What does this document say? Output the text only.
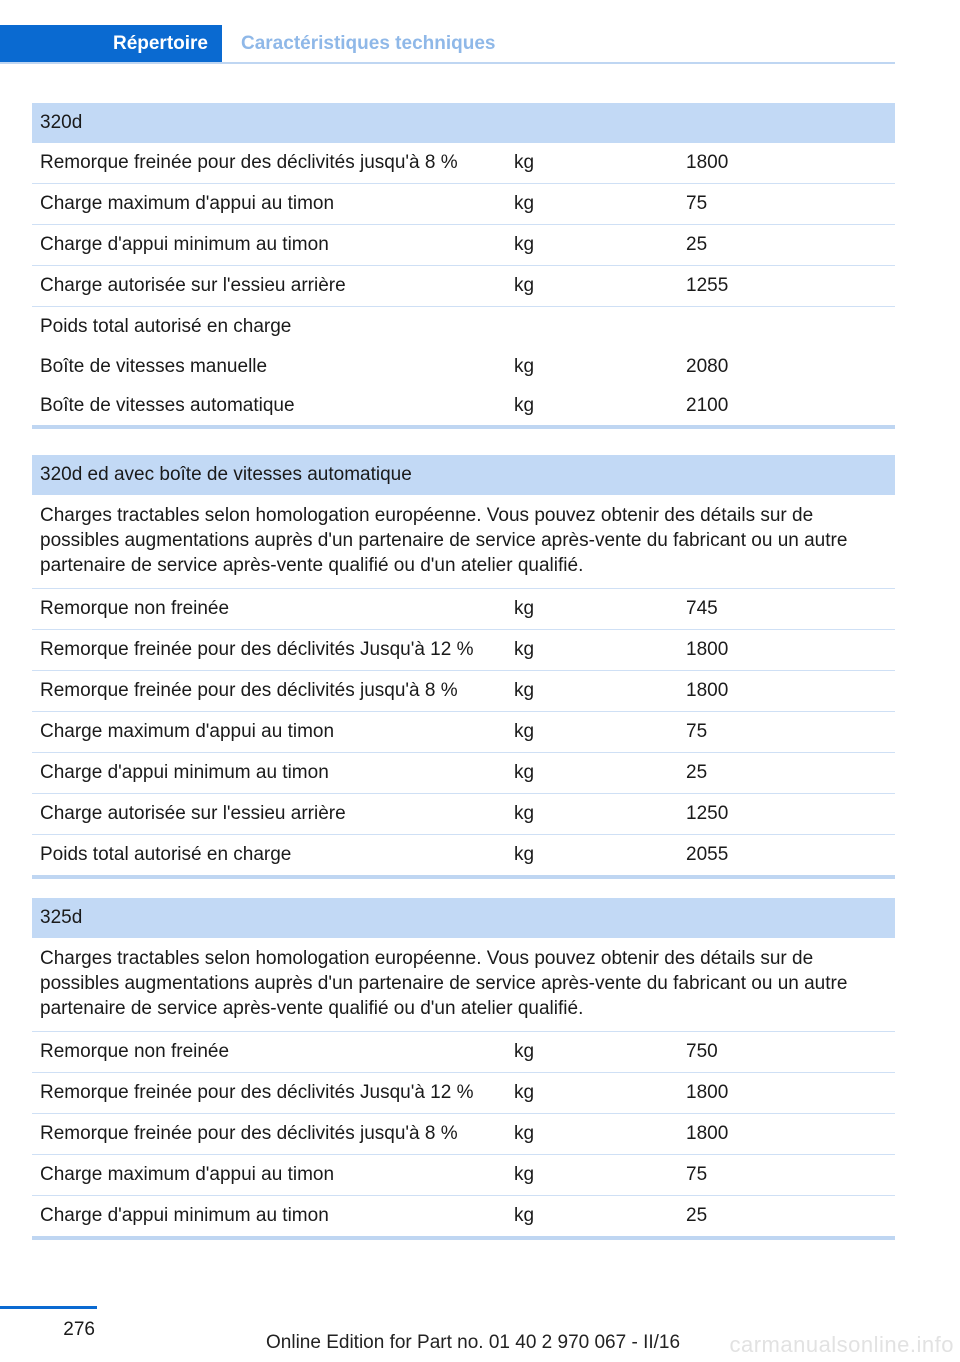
Répertoire	Caractéristiques techniques
320d
Remorque freinée pour des déclivités jusqu'à 8 %	kg	1800
Charge maximum d'appui au timon	kg	75
Charge d'appui minimum au timon	kg	25
Charge autorisée sur l'essieu arrière	kg	1255
Poids total autorisé en charge
Boîte de vitesses manuelle	kg	2080
Boîte de vitesses automatique	kg	2100
320d ed avec boîte de vitesses automatique
Charges tractables selon homologation européenne. Vous pouvez obtenir des détails sur de possibles augmentations auprès d'un partenaire de service après-vente du fabricant ou un autre partenaire de service après-vente qualifié ou d'un atelier qualifié.
Remorque non freinée	kg	745
Remorque freinée pour des déclivités Jusqu'à 12 %	kg	1800
Remorque freinée pour des déclivités jusqu'à 8 %	kg	1800
Charge maximum d'appui au timon	kg	75
Charge d'appui minimum au timon	kg	25
Charge autorisée sur l'essieu arrière	kg	1250
Poids total autorisé en charge	kg	2055
325d
Charges tractables selon homologation européenne. Vous pouvez obtenir des détails sur de possibles augmentations auprès d'un partenaire de service après-vente du fabricant ou un autre partenaire de service après-vente qualifié ou d'un atelier qualifié.
Remorque non freinée	kg	750
Remorque freinée pour des déclivités Jusqu'à 12 %	kg	1800
Remorque freinée pour des déclivités jusqu'à 8 %	kg	1800
Charge maximum d'appui au timon	kg	75
Charge d'appui minimum au timon	kg	25
276
Online Edition for Part no. 01 40 2 970 067 - II/16 carmanualsonline.info
